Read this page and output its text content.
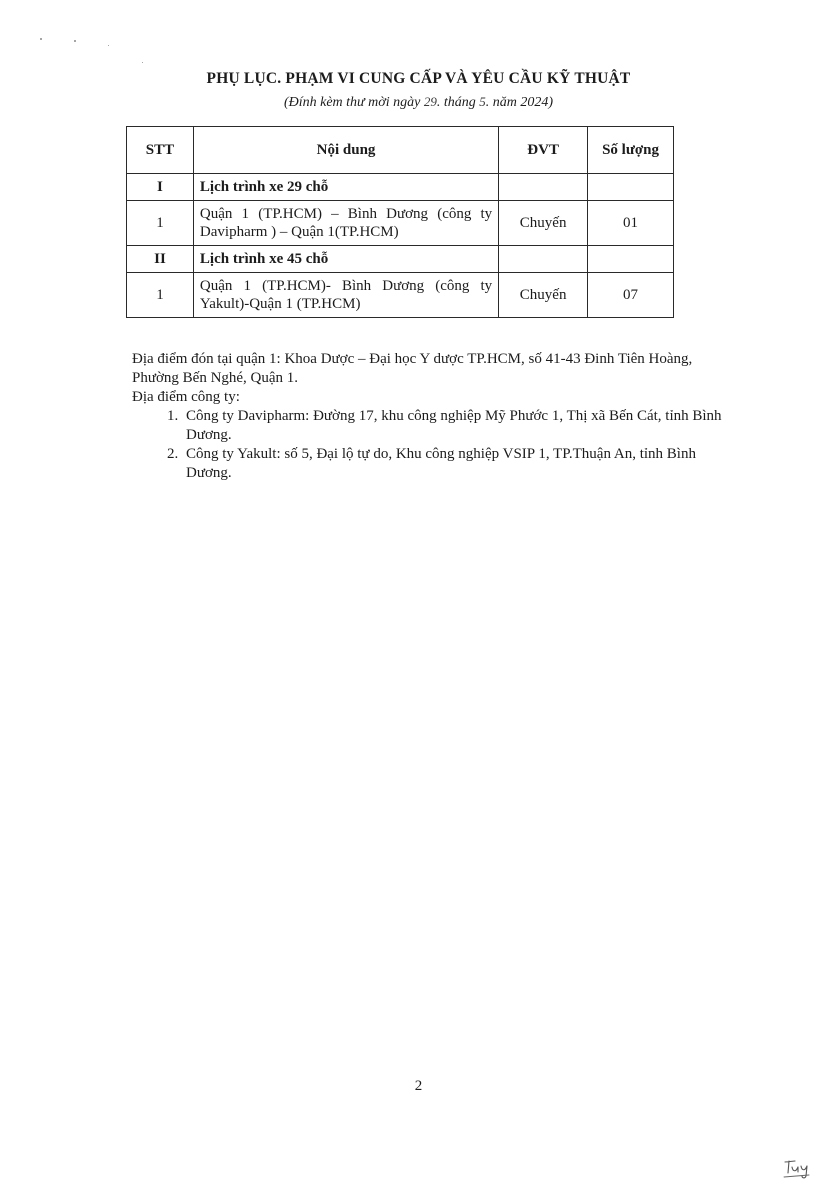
PHỤ LỤC. PHẠM VI CUNG CẤP VÀ YÊU CẦU KỸ THUẬT
(Đính kèm thư mời ngày 29. tháng 5. năm 2024)
STT	Nội dung	ĐVT	Số lượng
I	Lịch trình xe 29 chỗ		
1	Quận 1 (TP.HCM) – Bình Dương (công ty Davipharm ) – Quận 1(TP.HCM)	Chuyến	01
II	Lịch trình xe 45 chỗ		
1	Quận 1 (TP.HCM)- Bình Dương (công ty Yakult)-Quận 1 (TP.HCM)	Chuyến	07

Địa điểm đón tại quận 1: Khoa Dược – Đại học Y dược TP.HCM, số 41-43 Đinh Tiên Hoàng, Phường Bến Nghé, Quận 1.

Địa điểm công ty:

1. Công ty Davipharm: Đường 17, khu công nghiệp Mỹ Phước 1, Thị xã Bến Cát, tỉnh Bình Dương.
2. Công ty Yakult: số 5, Đại lộ tự do, Khu công nghiệp VSIP 1, TP.Thuận An, tỉnh Bình Dương.
2
